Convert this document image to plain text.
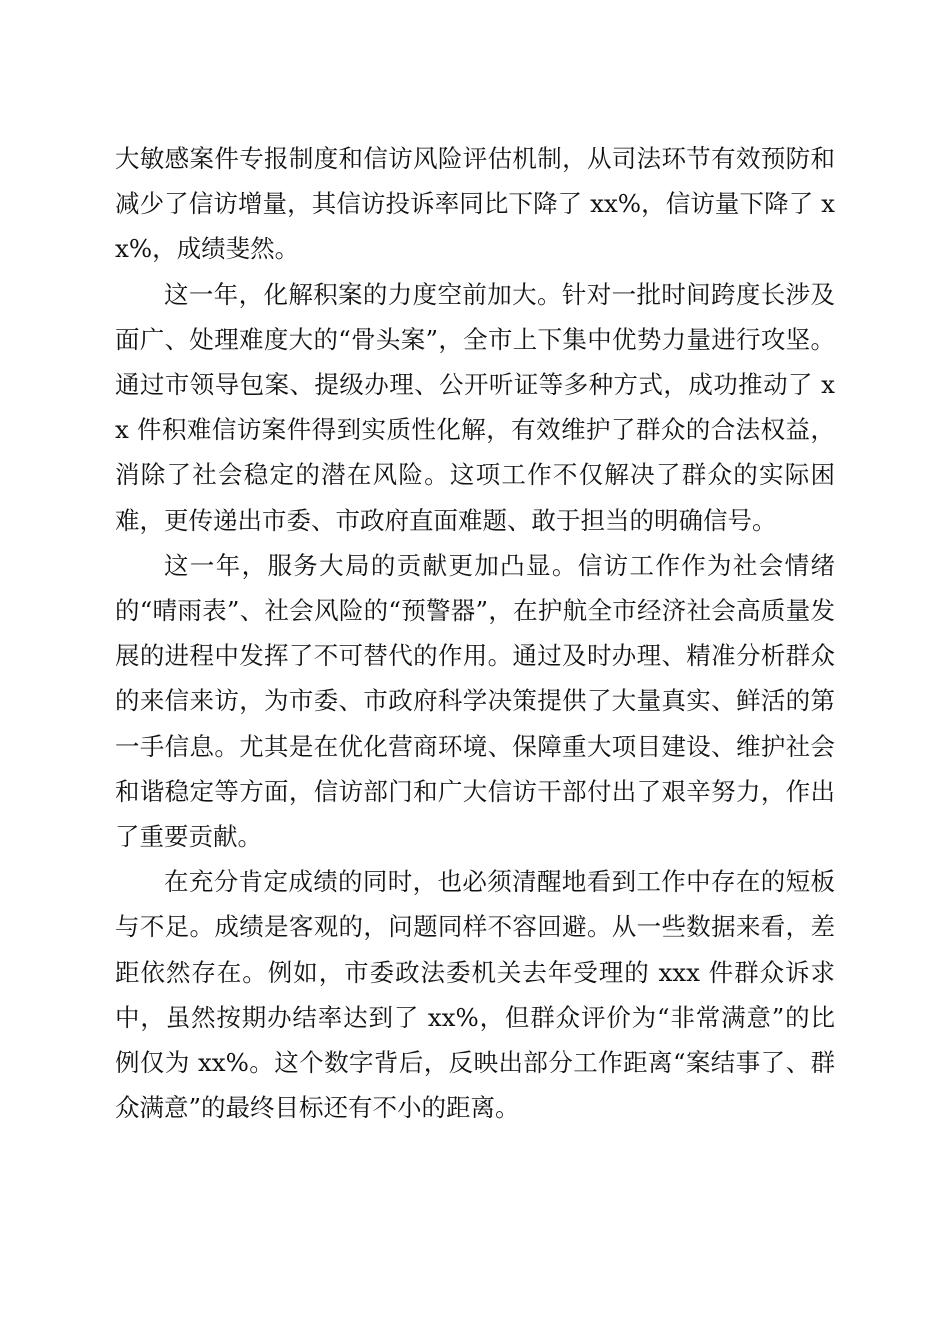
大敏感案件专报制度和信访风险评估机制，从司法环节有效预防和减少了信访增量，其信访投诉率同比下降了 xx%，信访量下降了 xx%，成绩斐然。

这一年，化解积案的力度空前加大。针对一批时间跨度长涉及面广、处理难度大的“骨头案”，全市上下集中优势力量进行攻坚。通过市领导包案、提级办理、公开听证等多种方式，成功推动了 xx 件积难信访案件得到实质性化解，有效维护了群众的合法权益，消除了社会稳定的潜在风险。这项工作不仅解决了群众的实际困难，更传递出市委、市政府直面难题、敢于担当的明确信号。

这一年，服务大局的贡献更加凸显。信访工作作为社会情绪的“晴雨表”、社会风险的“预警器”，在护航全市经济社会高质量发展的进程中发挥了不可替代的作用。通过及时办理、精准分析群众的来信来访，为市委、市政府科学决策提供了大量真实、鲜活的第一手信息。尤其是在优化营商环境、保障重大项目建设、维护社会和谐稳定等方面，信访部门和广大信访干部付出了艰辛努力，作出了重要贡献。

在充分肯定成绩的同时，也必须清醒地看到工作中存在的短板与不足。成绩是客观的，问题同样不容回避。从一些数据来看，差距依然存在。例如，市委政法委机关去年受理的 xxx 件群众诉求中，虽然按期办结率达到了 xx%，但群众评价为“非常满意”的比例仅为 xx%。这个数字背后，反映出部分工作距离“案结事了、群众满意”的最终目标还有不小的距离。
